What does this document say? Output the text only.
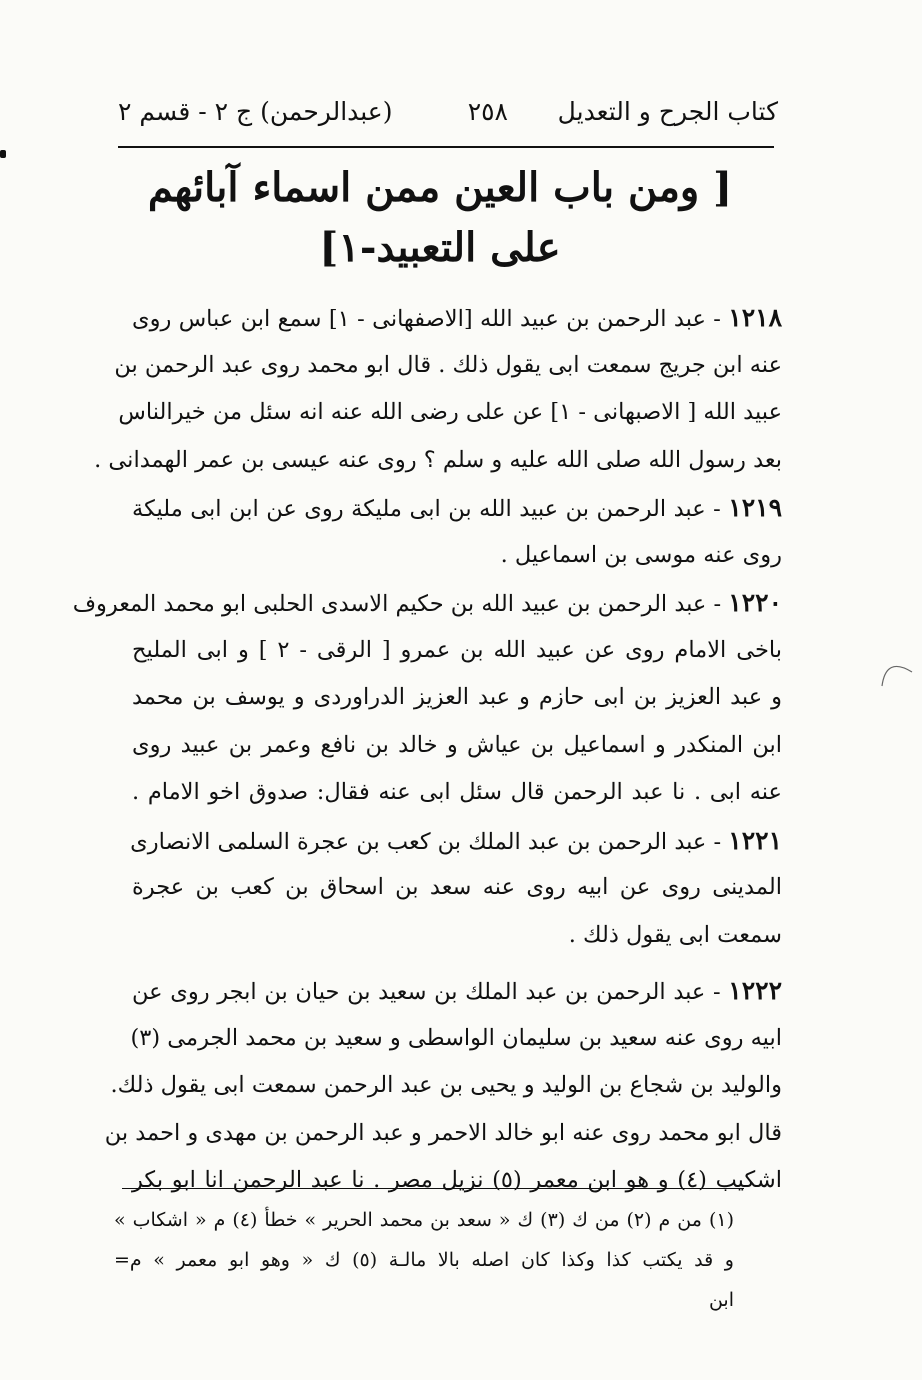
كتاب الجرح و التعديل
٢٥٨
(عبدالرحمن) ج ٢ - قسم ٢
[ ومن باب العين ممن اسماء آبائهم
على التعبيد-١]
١٢١٨ - عبد الرحمن بن عبيد الله [الاصفهانى - ١] سمع ابن عباس روى
عنه ابن جريج سمعت ابى يقول ذلك . قال ابو محمد روى عبد الرحمن بن
عبيد الله [ الاصبهانى - ١] عن على رضى الله عنه انه سئل من خيرالناس
بعد رسول الله صلى الله عليه و سلم ؟ روى عنه عيسى بن عمر الهمدانى .
١٢١٩ - عبد الرحمن بن عبيد الله بن ابى مليكة روى عن ابن ابى مليكة
روى عنه موسى بن اسماعيل .
١٢٢٠ - عبد الرحمن بن عبيد الله بن حكيم الاسدى الحلبى ابو محمد المعروف
باخى الامام روى عن عبيد الله بن عمرو [ الرقى - ٢ ] و ابى المليح
و عبد العزيز بن ابى حازم و عبد العزيز الدراوردى و يوسف بن محمد
ابن المنكدر و اسماعيل بن عياش و خالد بن نافع وعمر بن عبيد روى
عنه ابى . نا عبد الرحمن قال سئل ابى عنه فقال: صدوق اخو الامام .
١٢٢١ - عبد الرحمن بن عبد الملك بن كعب بن عجرة السلمى الانصارى
المدينى روى عن ابيه روى عنه سعد بن اسحاق بن كعب بن عجرة
سمعت ابى يقول ذلك .
١٢٢٢ - عبد الرحمن بن عبد الملك بن سعيد بن حيان بن ابجر روى عن
ابيه روى عنه سعيد بن سليمان الواسطى و سعيد بن محمد الجرمى (٣)
والوليد بن شجاع بن الوليد و يحيى بن عبد الرحمن سمعت ابى يقول ذلك.
قال ابو محمد روى عنه ابو خالد الاحمر و عبد الرحمن بن مهدى و احمد بن
اشكيب (٤) و هو ابن معمر (٥) نزيل مصر . نا عبد الرحمن انا ابو بكر
(١) من م (٢) من ك (٣) ك « سعد بن محمد الحرير » خطأ (٤) م « اشكاب »
و قد يكتب كذا وكذا كان اصله بالا مالـة (٥) ك « وهو ابو معمر » م=
ابن
